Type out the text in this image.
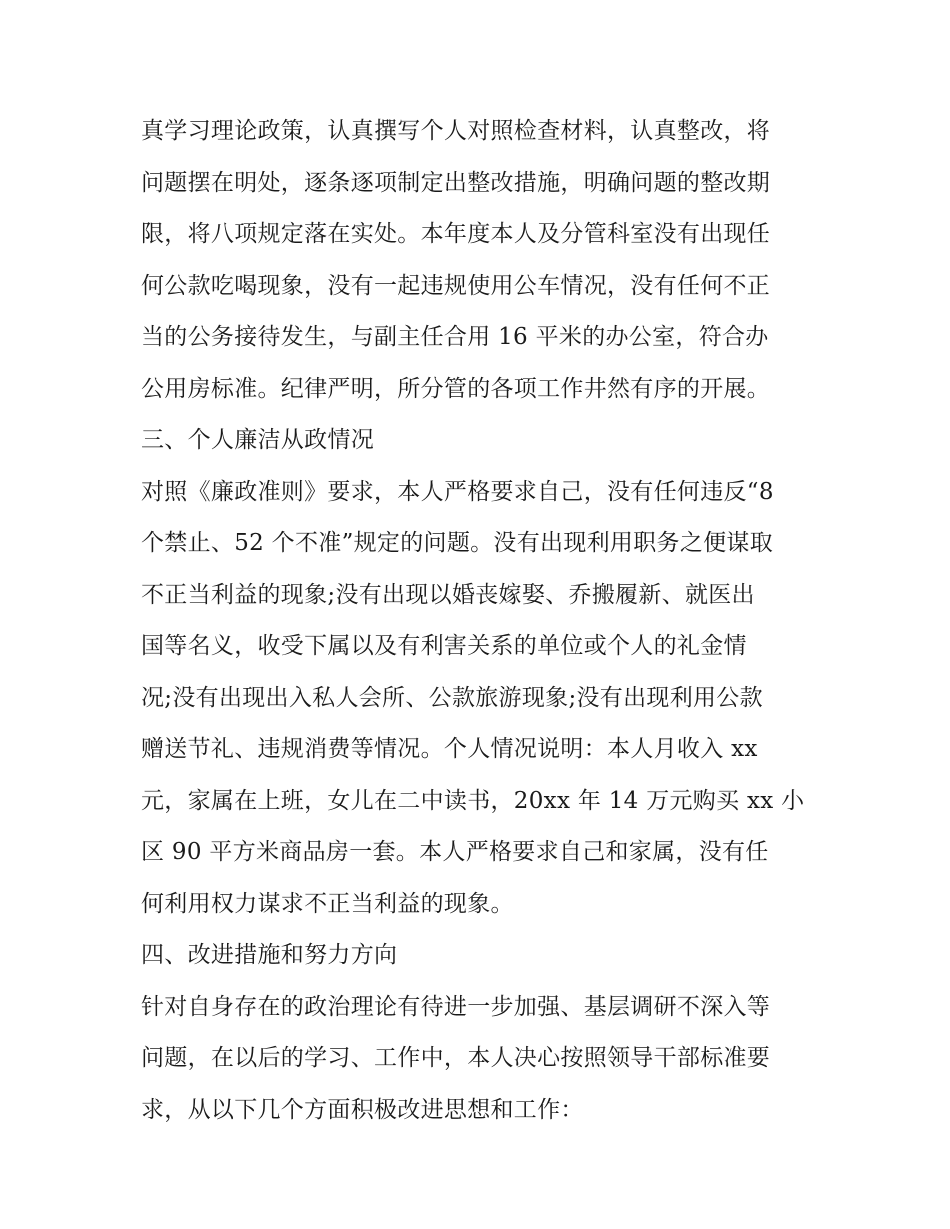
真学习理论政策，认真撰写个人对照检查材料，认真整改，将
问题摆在明处，逐条逐项制定出整改措施，明确问题的整改期
限，将八项规定落在实处。本年度本人及分管科室没有出现任
何公款吃喝现象，没有一起违规使用公车情况，没有任何不正
当的公务接待发生，与副主任合用 16 平米的办公室，符合办
公用房标准。纪律严明，所分管的各项工作井然有序的开展。
三、个人廉洁从政情况
对照《廉政准则》要求，本人严格要求自己，没有任何违反“8
个禁止、52 个不准”规定的问题。没有出现利用职务之便谋取
不正当利益的现象;没有出现以婚丧嫁娶、乔搬履新、就医出
国等名义，收受下属以及有利害关系的单位或个人的礼金情
况;没有出现出入私人会所、公款旅游现象;没有出现利用公款
赠送节礼、违规消费等情况。个人情况说明：本人月收入 xx
元，家属在上班，女儿在二中读书，20xx 年 14 万元购买 xx 小
区 90 平方米商品房一套。本人严格要求自己和家属，没有任
何利用权力谋求不正当利益的现象。
四、改进措施和努力方向
针对自身存在的政治理论有待进一步加强、基层调研不深入等
问题，在以后的学习、工作中，本人决心按照领导干部标准要
求，从以下几个方面积极改进思想和工作：
